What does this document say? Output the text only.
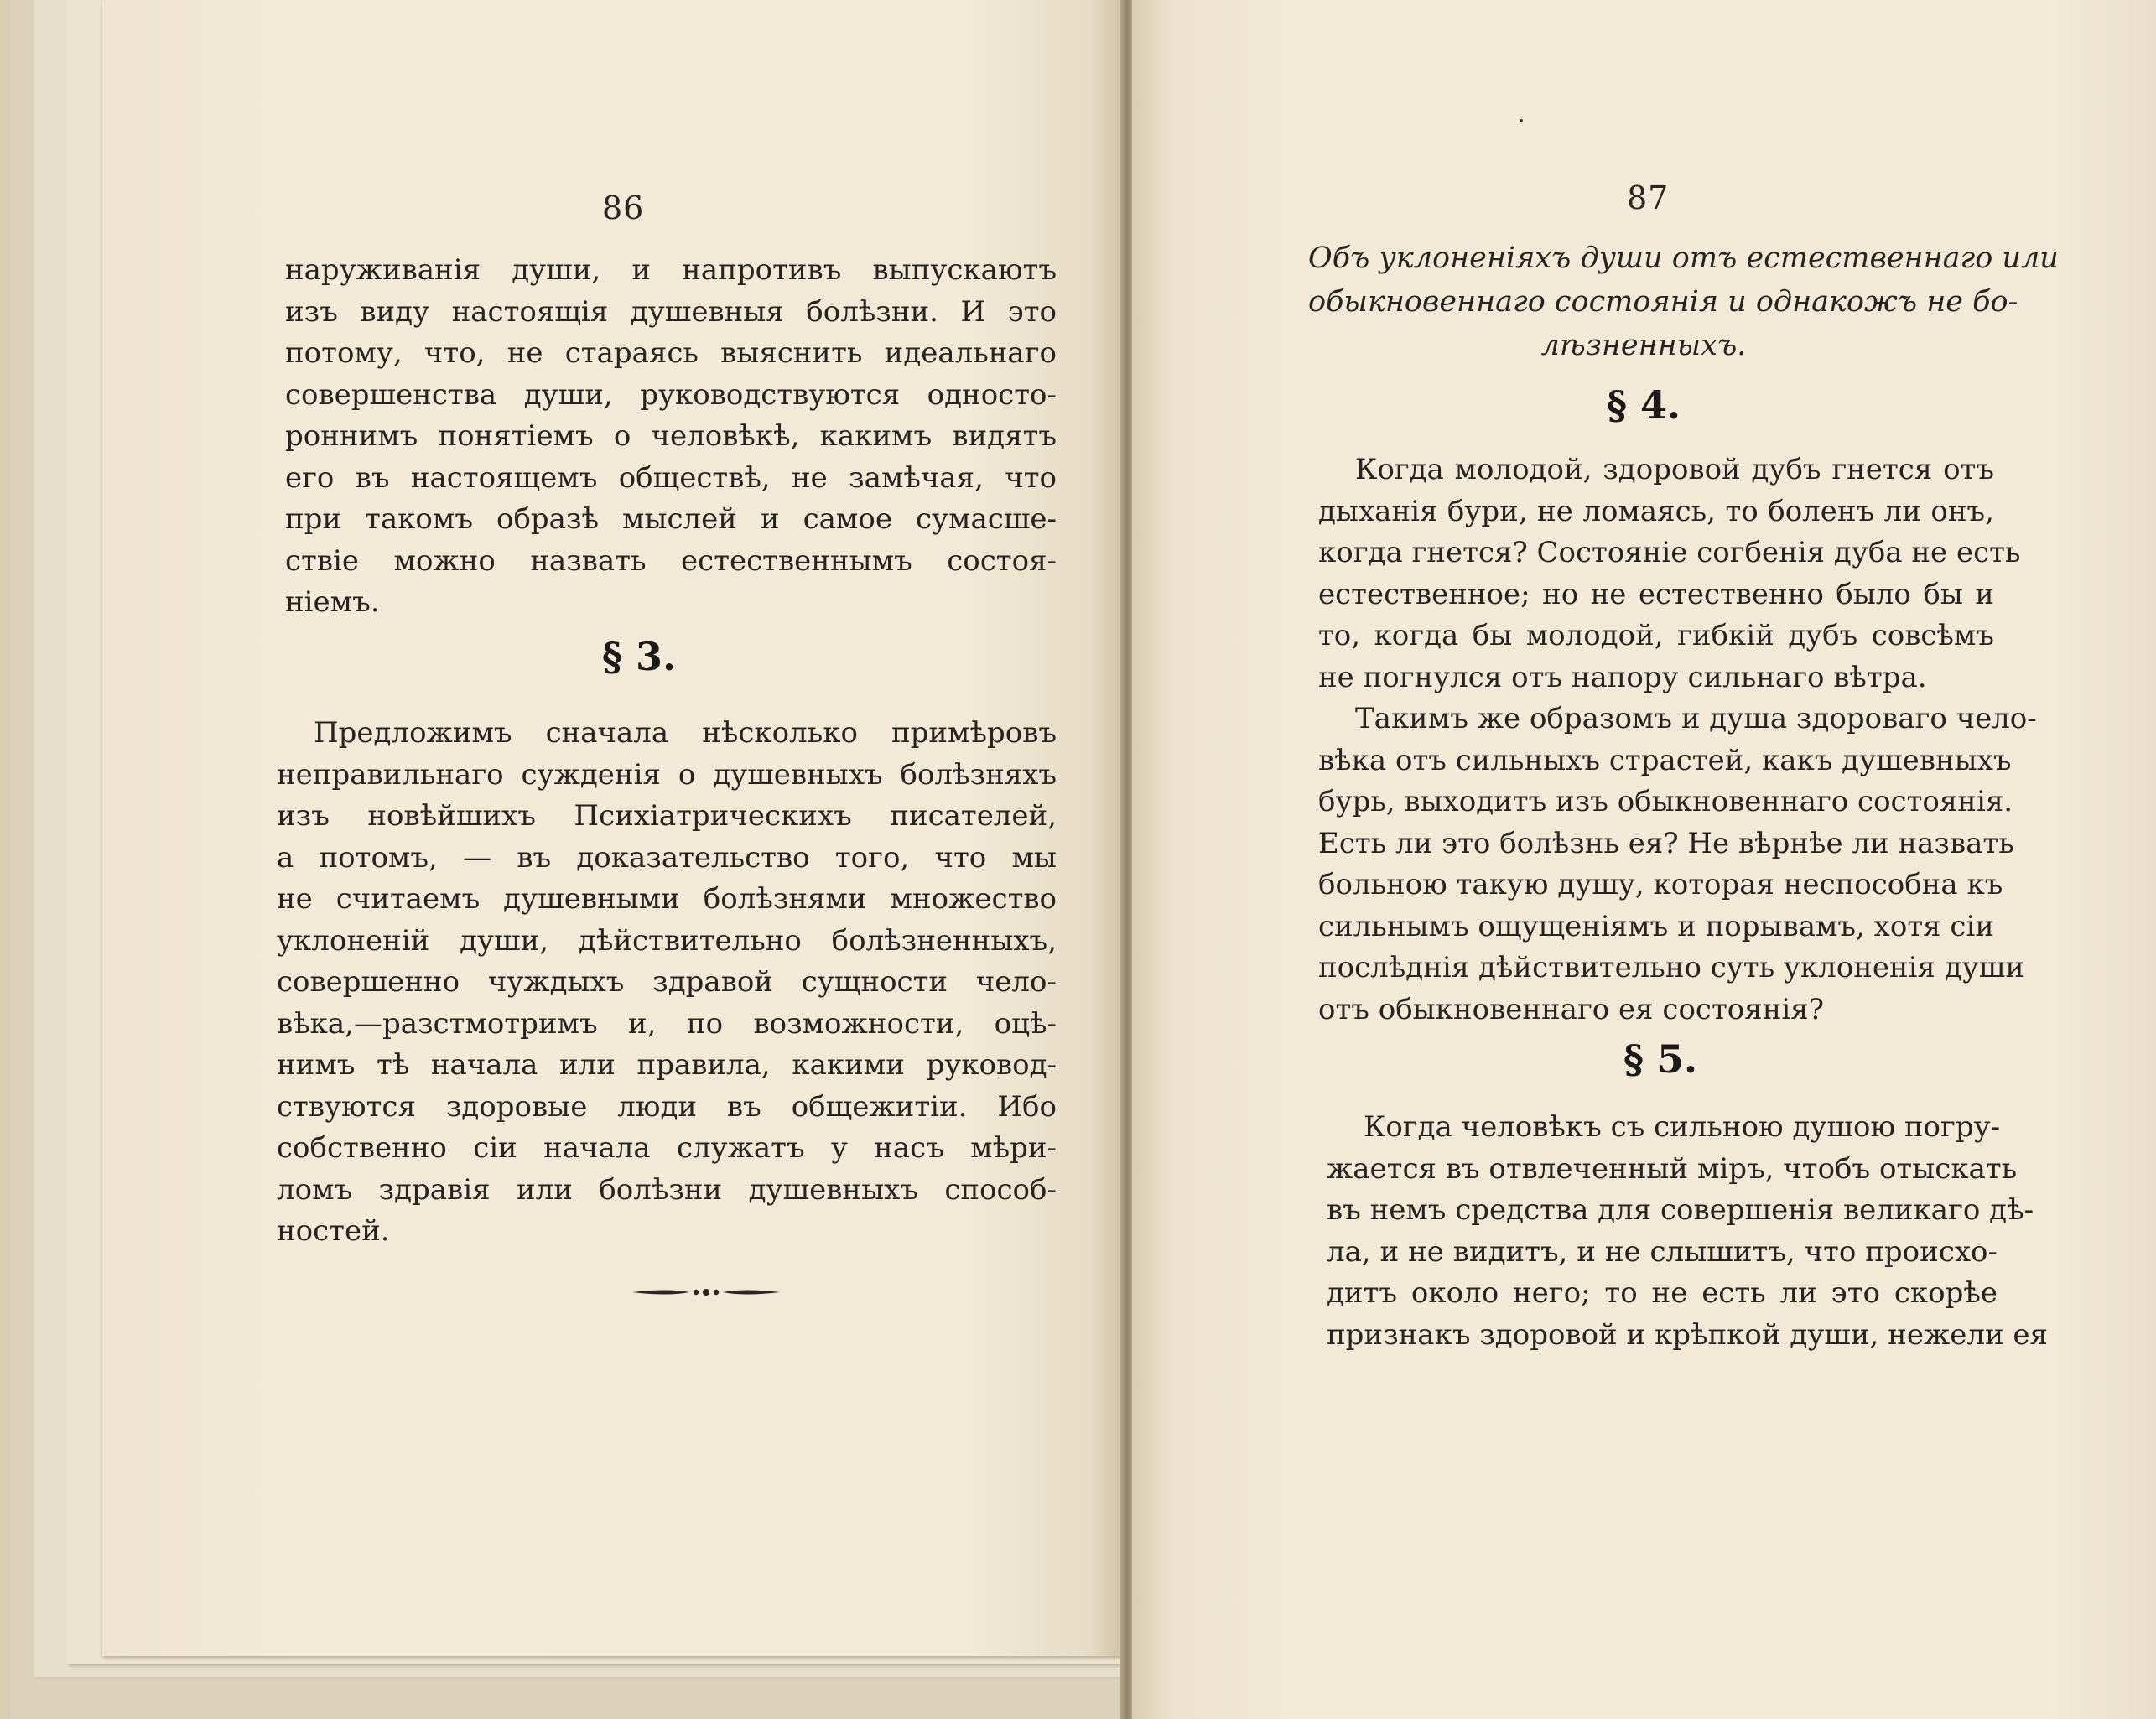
86
наруживанія души, и напротивъ выпускаютъ
изъ виду настоящія душевныя болѣзни. И это
потому, что, не стараясь выяснить идеальнаго
совершенства души, руководствуются односто-
роннимъ понятіемъ о человѣкѣ, какимъ видятъ
его въ настоящемъ обществѣ, не замѣчая, что
при такомъ образѣ мыслей и самое сумасше-
ствіе можно назвать естественнымъ состоя-
ніемъ.
§ 3.
Предложимъ сначала нѣсколько примѣровъ
неправильнаго сужденія о душевныхъ болѣзняхъ
изъ новѣйшихъ Психіатрическихъ писателей,
а потомъ, — въ доказательство того, что мы
не считаемъ душевными болѣзнями множество
уклоненій души, дѣйствительно болѣзненныхъ,
совершенно чуждыхъ здравой сущности чело-
вѣка,—разстмотримъ и, по возможности, оцѣ-
нимъ тѣ начала или правила, какими руковод-
ствуются здоровые люди въ общежитіи. Ибо
собственно сіи начала служатъ у насъ мѣри-
ломъ здравія или болѣзни душевныхъ способ-
ностей.
87
Объ уклоненіяхъ души отъ естественнаго или
обыкновеннаго состоянія и однакожъ не бо-
лѣзненныхъ.
§ 4.
Когда молодой, здоровой дубъ гнется отъ
дыханія бури, не ломаясь, то боленъ ли онъ,
когда гнется? Состояніе согбенія дуба не есть
естественное; но не естественно было бы и
то, когда бы молодой, гибкій дубъ совсѣмъ
не погнулся отъ напору сильнаго вѣтра.
Такимъ же образомъ и душа здороваго чело-
вѣка отъ сильныхъ страстей, какъ душевныхъ
бурь, выходитъ изъ обыкновеннаго состоянія.
Есть ли это болѣзнь ея? Не вѣрнѣе ли назвать
больною такую душу, которая неспособна къ
сильнымъ ощущеніямъ и порывамъ, хотя сіи
послѣднія дѣйствительно суть уклоненія души
отъ обыкновеннаго ея состоянія?
§ 5.
Когда человѣкъ съ сильною душою погру-
жается въ отвлеченный міръ, чтобъ отыскать
въ немъ средства для совершенія великаго дѣ-
ла, и не видитъ, и не слышитъ, что происхо-
дитъ около него; то не есть ли это скорѣе
признакъ здоровой и крѣпкой души, нежели ея
